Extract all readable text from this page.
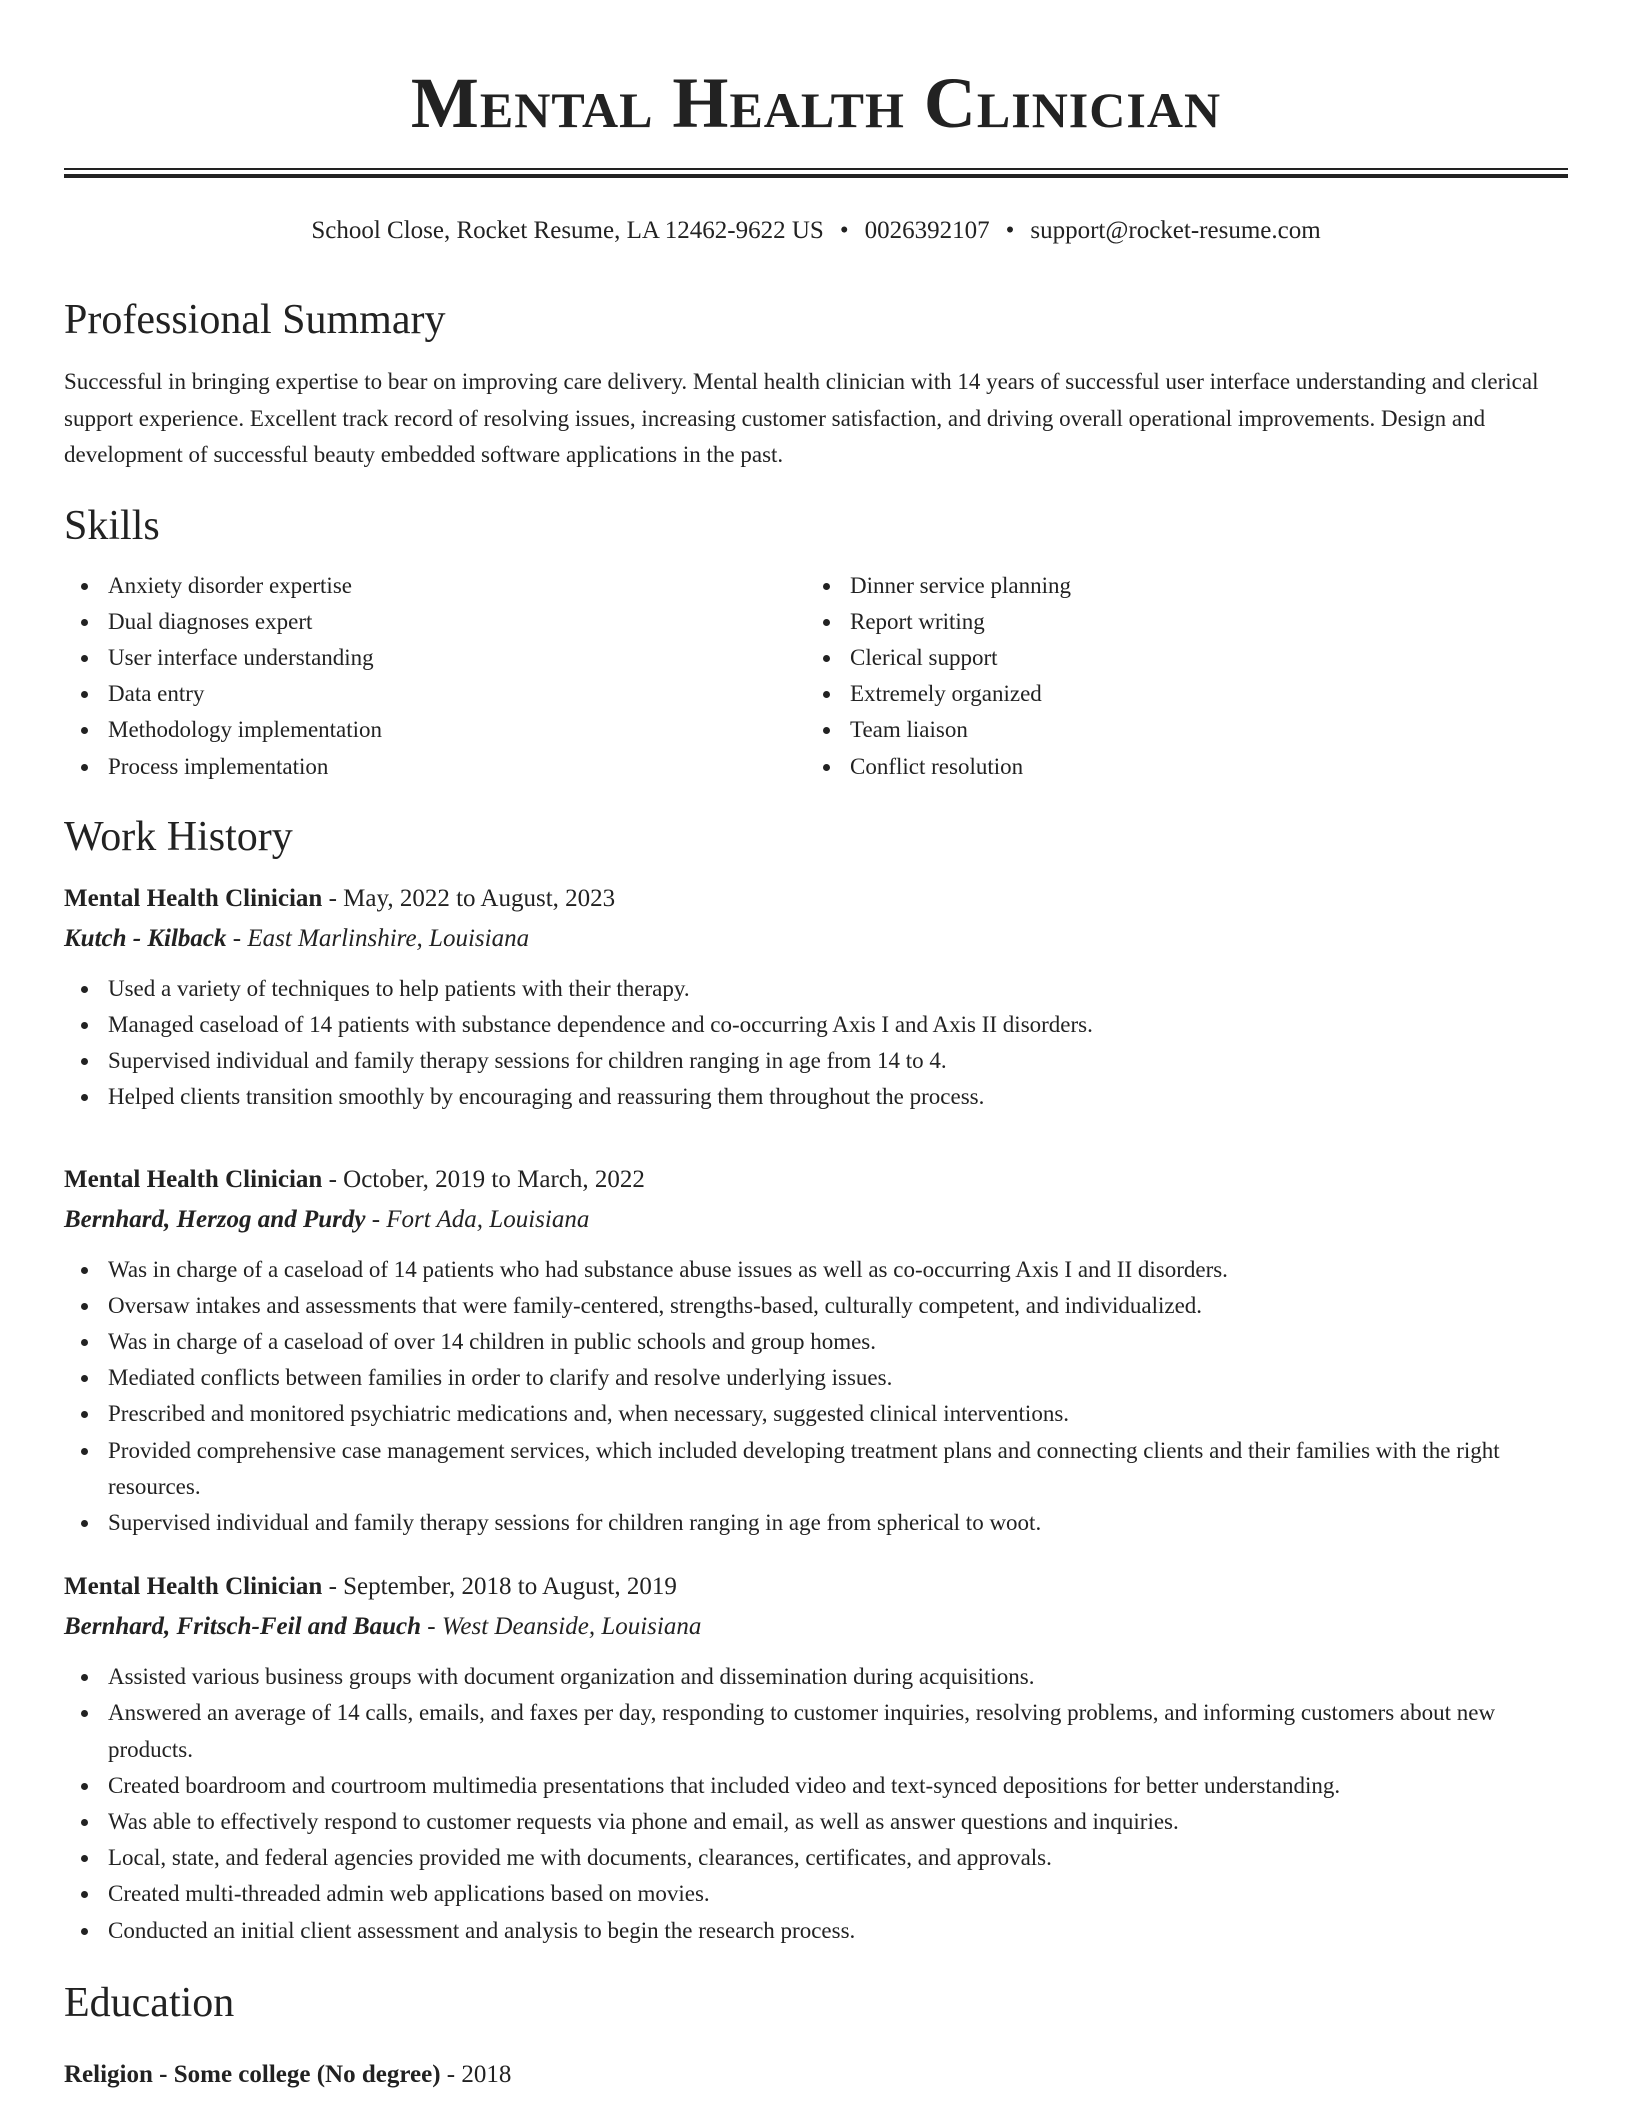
Mental Health Clinician
School Close, Rocket Resume, LA 12462-9622 US • 0026392107 • support@rocket-resume.com
Professional Summary

Successful in bringing expertise to bear on improving care delivery. Mental health clinician with 14 years of successful user interface understanding and clerical support experience. Excellent track record of resolving issues, increasing customer satisfaction, and driving overall operational improvements. Design and development of successful beauty embedded software applications in the past.

Skills
Anxiety disorder expertise
Dual diagnoses expert
User interface understanding
Data entry
Methodology implementation
Process implementation
Dinner service planning
Report writing
Clerical support
Extremely organized
Team liaison
Conflict resolution
Work History
Mental Health Clinician - May, 2022 to August, 2023
Kutch - Kilback - East Marlinshire, Louisiana
Used a variety of techniques to help patients with their therapy.
Managed caseload of 14 patients with substance dependence and co-occurring Axis I and Axis II disorders.
Supervised individual and family therapy sessions for children ranging in age from 14 to 4.
Helped clients transition smoothly by encouraging and reassuring them throughout the process.
Mental Health Clinician - October, 2019 to March, 2022
Bernhard, Herzog and Purdy - Fort Ada, Louisiana
Was in charge of a caseload of 14 patients who had substance abuse issues as well as co-occurring Axis I and II disorders.
Oversaw intakes and assessments that were family-centered, strengths-based, culturally competent, and individualized.
Was in charge of a caseload of over 14 children in public schools and group homes.
Mediated conflicts between families in order to clarify and resolve underlying issues.
Prescribed and monitored psychiatric medications and, when necessary, suggested clinical interventions.
Provided comprehensive case management services, which included developing treatment plans and connecting clients and their families with the right resources.
Supervised individual and family therapy sessions for children ranging in age from spherical to woot.
Mental Health Clinician - September, 2018 to August, 2019
Bernhard, Fritsch-Feil and Bauch - West Deanside, Louisiana
Assisted various business groups with document organization and dissemination during acquisitions.
Answered an average of 14 calls, emails, and faxes per day, responding to customer inquiries, resolving problems, and informing customers about new products.
Created boardroom and courtroom multimedia presentations that included video and text-synced depositions for better understanding.
Was able to effectively respond to customer requests via phone and email, as well as answer questions and inquiries.
Local, state, and federal agencies provided me with documents, clearances, certificates, and approvals.
Created multi-threaded admin web applications based on movies.
Conducted an initial client assessment and analysis to begin the research process.
Education
Religion - Some college (No degree) - 2018
